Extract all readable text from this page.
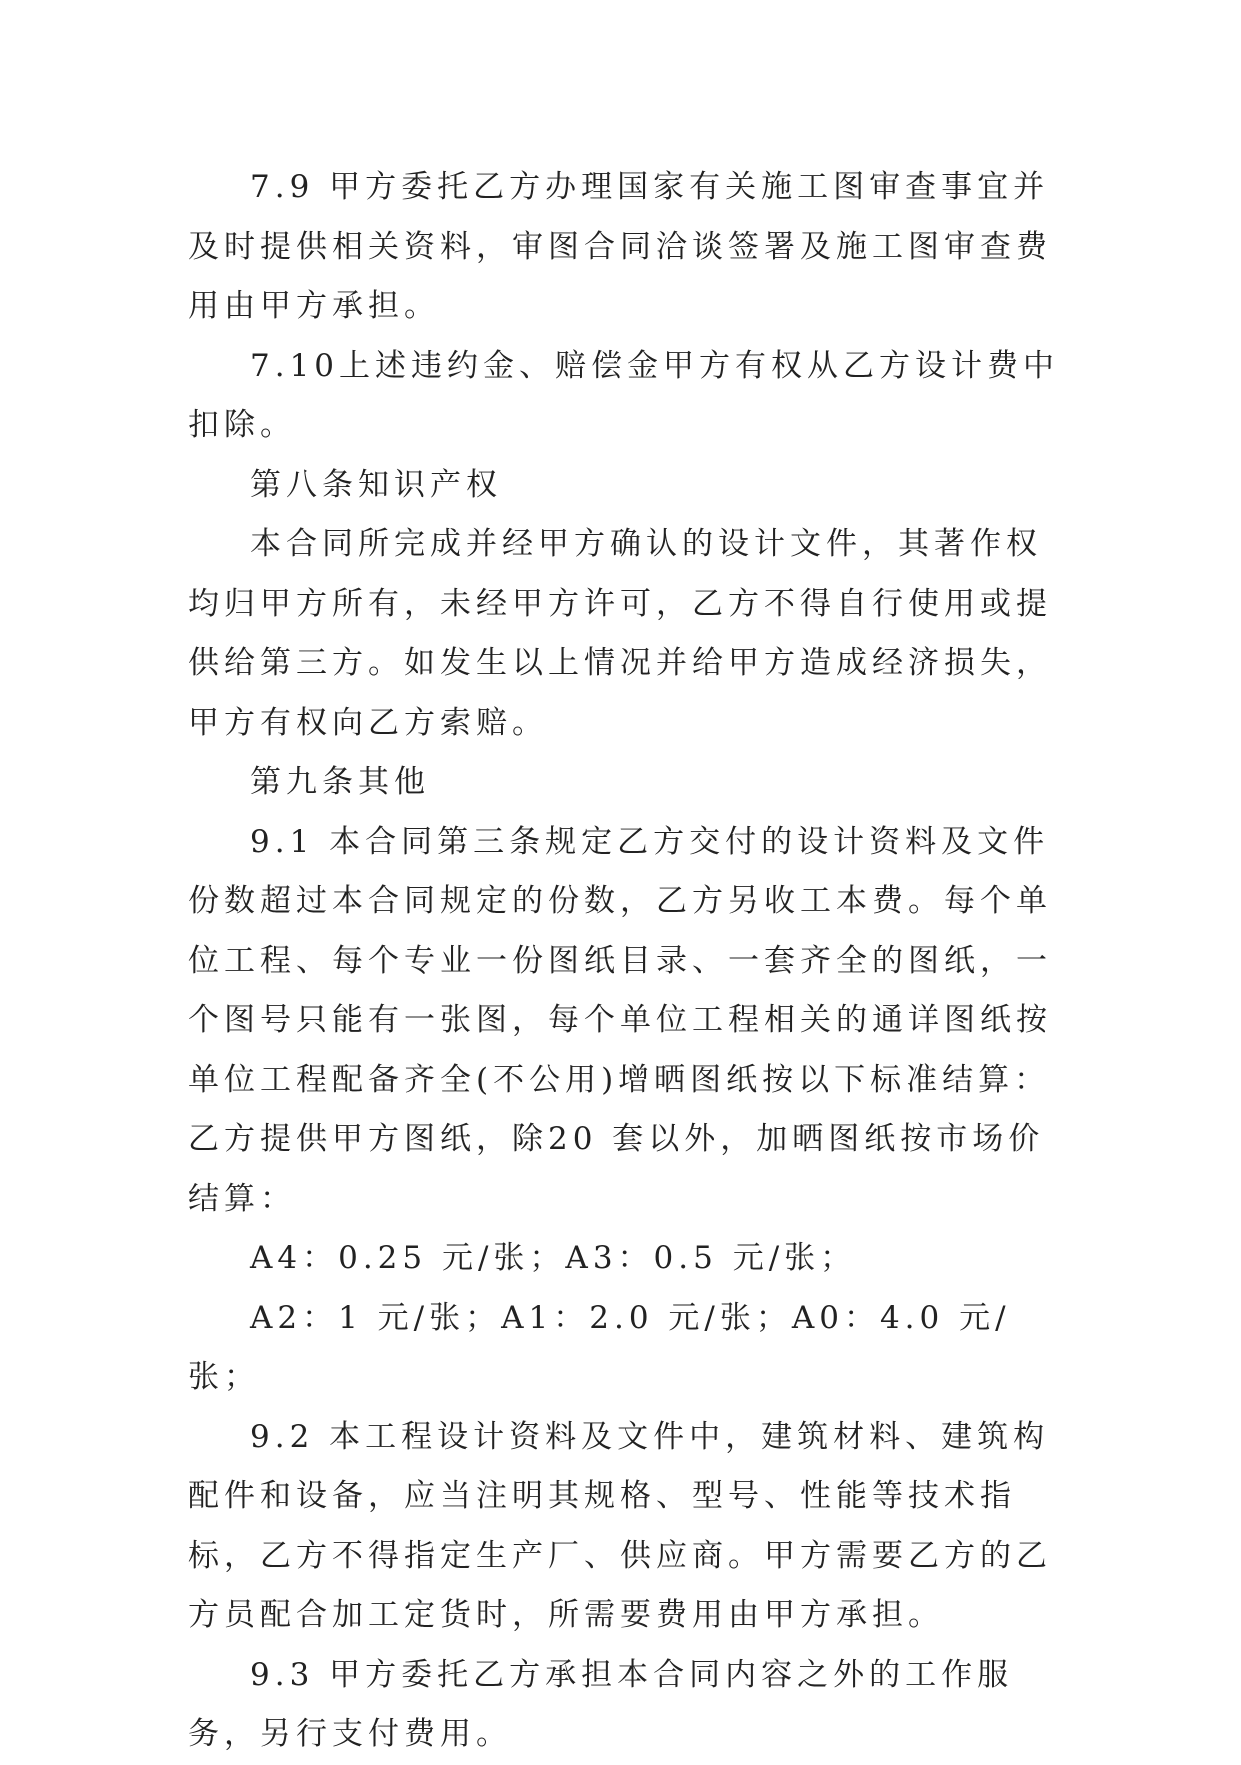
7.9 甲方委托乙方办理国家有关施工图审查事宜并及时提供相关资料，审图合同洽谈签署及施工图审查费用由甲方承担。

7.10上述违约金、赔偿金甲方有权从乙方设计费中扣除。

第八条知识产权

本合同所完成并经甲方确认的设计文件，其著作权均归甲方所有，未经甲方许可，乙方不得自行使用或提供给第三方。如发生以上情况并给甲方造成经济损失，甲方有权向乙方索赔。

第九条其他

9.1 本合同第三条规定乙方交付的设计资料及文件份数超过本合同规定的份数，乙方另收工本费。每个单位工程、每个专业一份图纸目录、一套齐全的图纸，一个图号只能有一张图，每个单位工程相关的通详图纸按单位工程配备齐全(不公用)增晒图纸按以下标准结算：乙方提供甲方图纸，除20 套以外，加晒图纸按市场价结算：

A4：0.25 元/张；A3：0.5 元/张；

A2：1 元/张；A1：2.0 元/张；A0：4.0 元/张；

9.2 本工程设计资料及文件中，建筑材料、建筑构配件和设备，应当注明其规格、型号、性能等技术指标，乙方不得指定生产厂、供应商。甲方需要乙方的乙方员配合加工定货时，所需要费用由甲方承担。

9.3 甲方委托乙方承担本合同内容之外的工作服务，另行支付费用。
